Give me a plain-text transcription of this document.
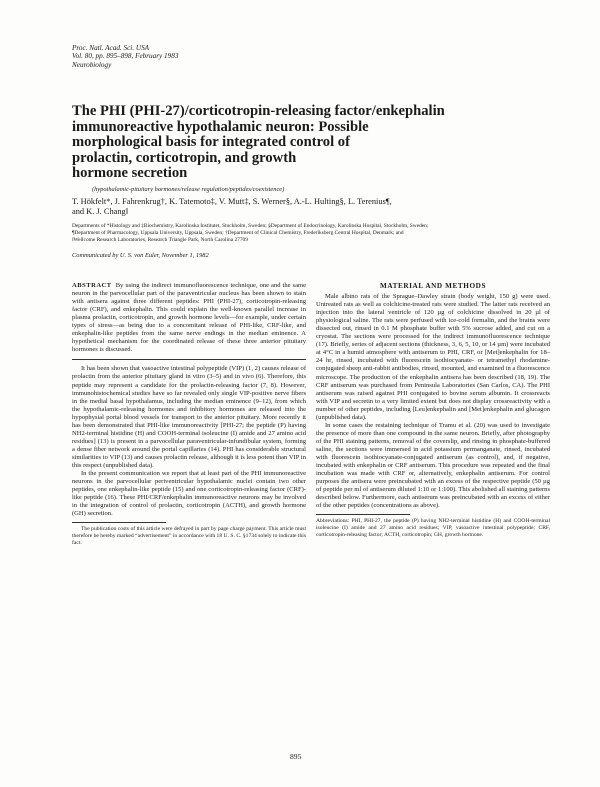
Proc. Natl. Acad. Sci. USA
Vol. 80, pp. 895–898, February 1983
Neurobiology
The PHI (PHI-27)/corticotropin-releasing factor/enkephalin
immunoreactive hypothalamic neuron: Possible
morphological basis for integrated control of
prolactin, corticotropin, and growth
hormone secretion
(hypothalamic-pituitary hormones/release regulation/peptides/coexistence)
T. Hökfelt*, J. Fahrenkrug†, K. Tatemoto‡, V. Mutt‡, S. Werner§, A.-L. Hulting§, L. Terenius¶,
and K. J. Chang‖
Departments of *Histology and ‡Biochemistry, Karolinska Institutet, Stockholm, Sweden; §Department of Endocrinology, Karolinska Hospital, Stockholm, Sweden;
¶Department of Pharmacology, Uppsala University, Uppsala, Sweden; †Department of Clinical Chemistry, Frederiksberg Central Hospital, Denmark; and
‖Wellcome Research Laboratories, Research Triangle Park, North Carolina 27709
Communicated by U. S. von Euler, November 1, 1982

ABSTRACT By using the indirect immunofluorescence technique, one and the same neuron in the parvocellular part of the paraventricular nucleus has been shown to stain with antisera against three different peptides: PHI (PHI-27), corticotropin-releasing factor (CRF), and enkephalin. This could explain the well-known parallel increase in plasma prolactin, corticotropin, and growth hormone levels—for example, under certain types of stress—as being due to a concomitant release of PHI-like, CRF-like, and enkephalin-like peptides from the same nerve endings in the median eminence. A hypothetical mechanism for the coordinated release of these three anterior pituitary hormones is discussed.

It has been shown that vasoactive intestinal polypeptide (VIP) (1, 2) causes release of prolactin from the anterior pituitary gland in vitro (3–5) and in vivo (6). Therefore, this peptide may represent a candidate for the prolactin-releasing factor (7, 8). However, immunohistochemical studies have so far revealed only single VIP-positive nerve fibers in the medial basal hypothalamus, including the median eminence (9–12), from which the hypothalamic-releasing hormones and inhibitory hormones are released into the hypophysial portal blood vessels for transport to the anterior pituitary. More recently it has been demonstrated that PHI-like immunoreactivity [PHI-27; the peptide (P) having NH2-terminal histidine (H) and COOH-terminal isoleucine (I) amide and 27 amino acid residues] (13) is present in a parvocellular paraventricular-infundibular system, forming a dense fiber network around the portal capillaries (14). PHI has considerable structural similarities to VIP (13) and causes prolactin release, although it is less potent than VIP in this respect (unpublished data).

In the present communication we report that at least part of the PHI immunoreactive neurons in the parvocellular periventricular hypothalamic nuclei contain two other peptides, one enkephalin-like peptide (15) and one corticotropin-releasing factor (CRF)-like peptide (16). These PHI/CRF/enkephalin immunoreactive neurons may be involved in the integration of control of prolactin, corticotropin (ACTH), and growth hormone (GH) secretion.

The publication costs of this article were defrayed in part by page charge payment. This article must therefore be hereby marked “advertisement” in accordance with 18 U. S. C. §1734 solely to indicate this fact.

MATERIAL AND METHODS

Male albino rats of the Sprague–Dawley strain (body weight, 150 g) were used. Untreated rats as well as colchicine-treated rats were studied. The latter rats received an injection into the lateral ventricle of 120 µg of colchicine dissolved in 20 µl of physiological saline. The rats were perfused with ice-cold formalin, and the brains were dissected out, rinsed in 0.1 M phosphate buffer with 5% sucrose added, and cut on a cryostat. The sections were processed for the indirect immunofluorescence technique (17). Briefly, series of adjacent sections (thickness, 3, 6, 5, 10, or 14 µm) were incubated at 4°C in a humid atmosphere with antiserum to PHI, CRF, or [Met]enkephalin for 18–24 hr, rinsed, incubated with fluorescein isothiocyanate- or tetramethyl rhodamine-conjugated sheep anti-rabbit antibodies, rinsed, mounted, and examined in a fluorescence microscope. The production of the enkephalin antisera has been described (18, 19). The CRF antiserum was purchased from Peninsula Laboratories (San Carlos, CA). The PHI antiserum was raised against PHI conjugated to bovine serum albumin. It crossreacts with VIP and secretin to a very limited extent but does not display crossreactivity with a number of other peptides, including [Leu]enkephalin and [Met]enkephalin and glucagon (unpublished data).

In some cases the restaining technique of Tramu et al. (20) was used to investigate the presence of more than one compound in the same neuron. Briefly, after photography of the PHI staining patterns, removal of the coverslip, and rinsing in phosphate-buffered saline, the sections were immersed in acid potassium permanganate, rinsed, incubated with fluorescein isothiocyanate-conjugated antiserum (as control), and, if negative, incubated with enkephalin or CRF antiserum. This procedure was repeated and the final incubation was made with CRF or, alternatively, enkephalin antiserum. For control purposes the antisera were preincubated with an excess of the respective peptide (50 µg of peptide per ml of antiserum diluted 1:10 or 1:100). This abolished all staining patterns described below. Furthermore, each antiserum was preincubated with an excess of either of the other peptides (concentrations as above).

Abbreviations: PHI, PHI-27, the peptide (P) having NH2-terminal histidine (H) and COOH-terminal isoleucine (I) amide and 27 amino acid residues; VIP, vasoactive intestinal polypeptide; CRF, corticotropin-releasing factor; ACTH, corticotropin; GH, growth hormone.

895
